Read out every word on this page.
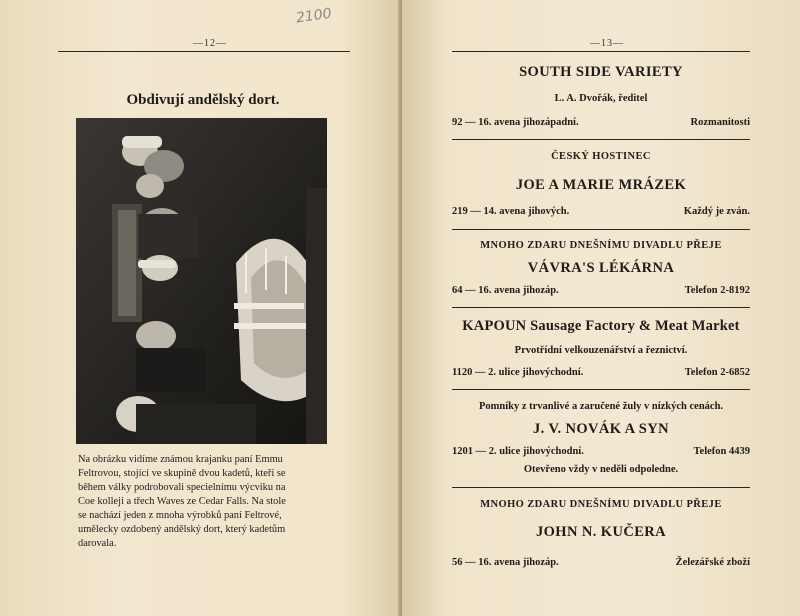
—12—
2100
Obdivují andělský dort.
Na obrázku vidíme známou krajanku paní Emmu
Feltrovou, stojící ve skupině dvou kadetů, kteří se
během války podrobovali specielnímu výcviku na
Coe kolleji a třech Waves ze Cedar Falls. Na stole
se nachází jeden z mnoha výrobků paní Feltrové,
umělecky ozdobený andělský dort, který kadetům
darovala.
—13—
SOUTH SIDE VARIETY
L. A. Dvořák, ředitel
92 — 16. avena jihozápadní.	Rozmanitosti
ČESKÝ HOSTINEC
JOE A MARIE MRÁZEK
219 — 14. avena jihových.	Každý je zván.
MNOHO ZDARU DNEŠNÍMU DIVADLU PŘEJE
VÁVRA'S LÉKÁRNA
64 — 16. avena jihozáp.	Telefon 2-8192
KAPOUN Sausage Factory & Meat Market
Prvotřídní velkouzenářství a řeznictví.
1120 — 2. ulice jihovýchodní.	Telefon 2-6852
Pomníky z trvanlivé a zaručené žuly v nízkých cenách.
J. V. NOVÁK A SYN
1201 — 2. ulice jihovýchodní.	Telefon 4439
Otevřeno vždy v neděli odpoledne.
MNOHO ZDARU DNEŠNÍMU DIVADLU PŘEJE
JOHN N. KUČERA
56 — 16. avena jihozáp.	Železářské zboží
